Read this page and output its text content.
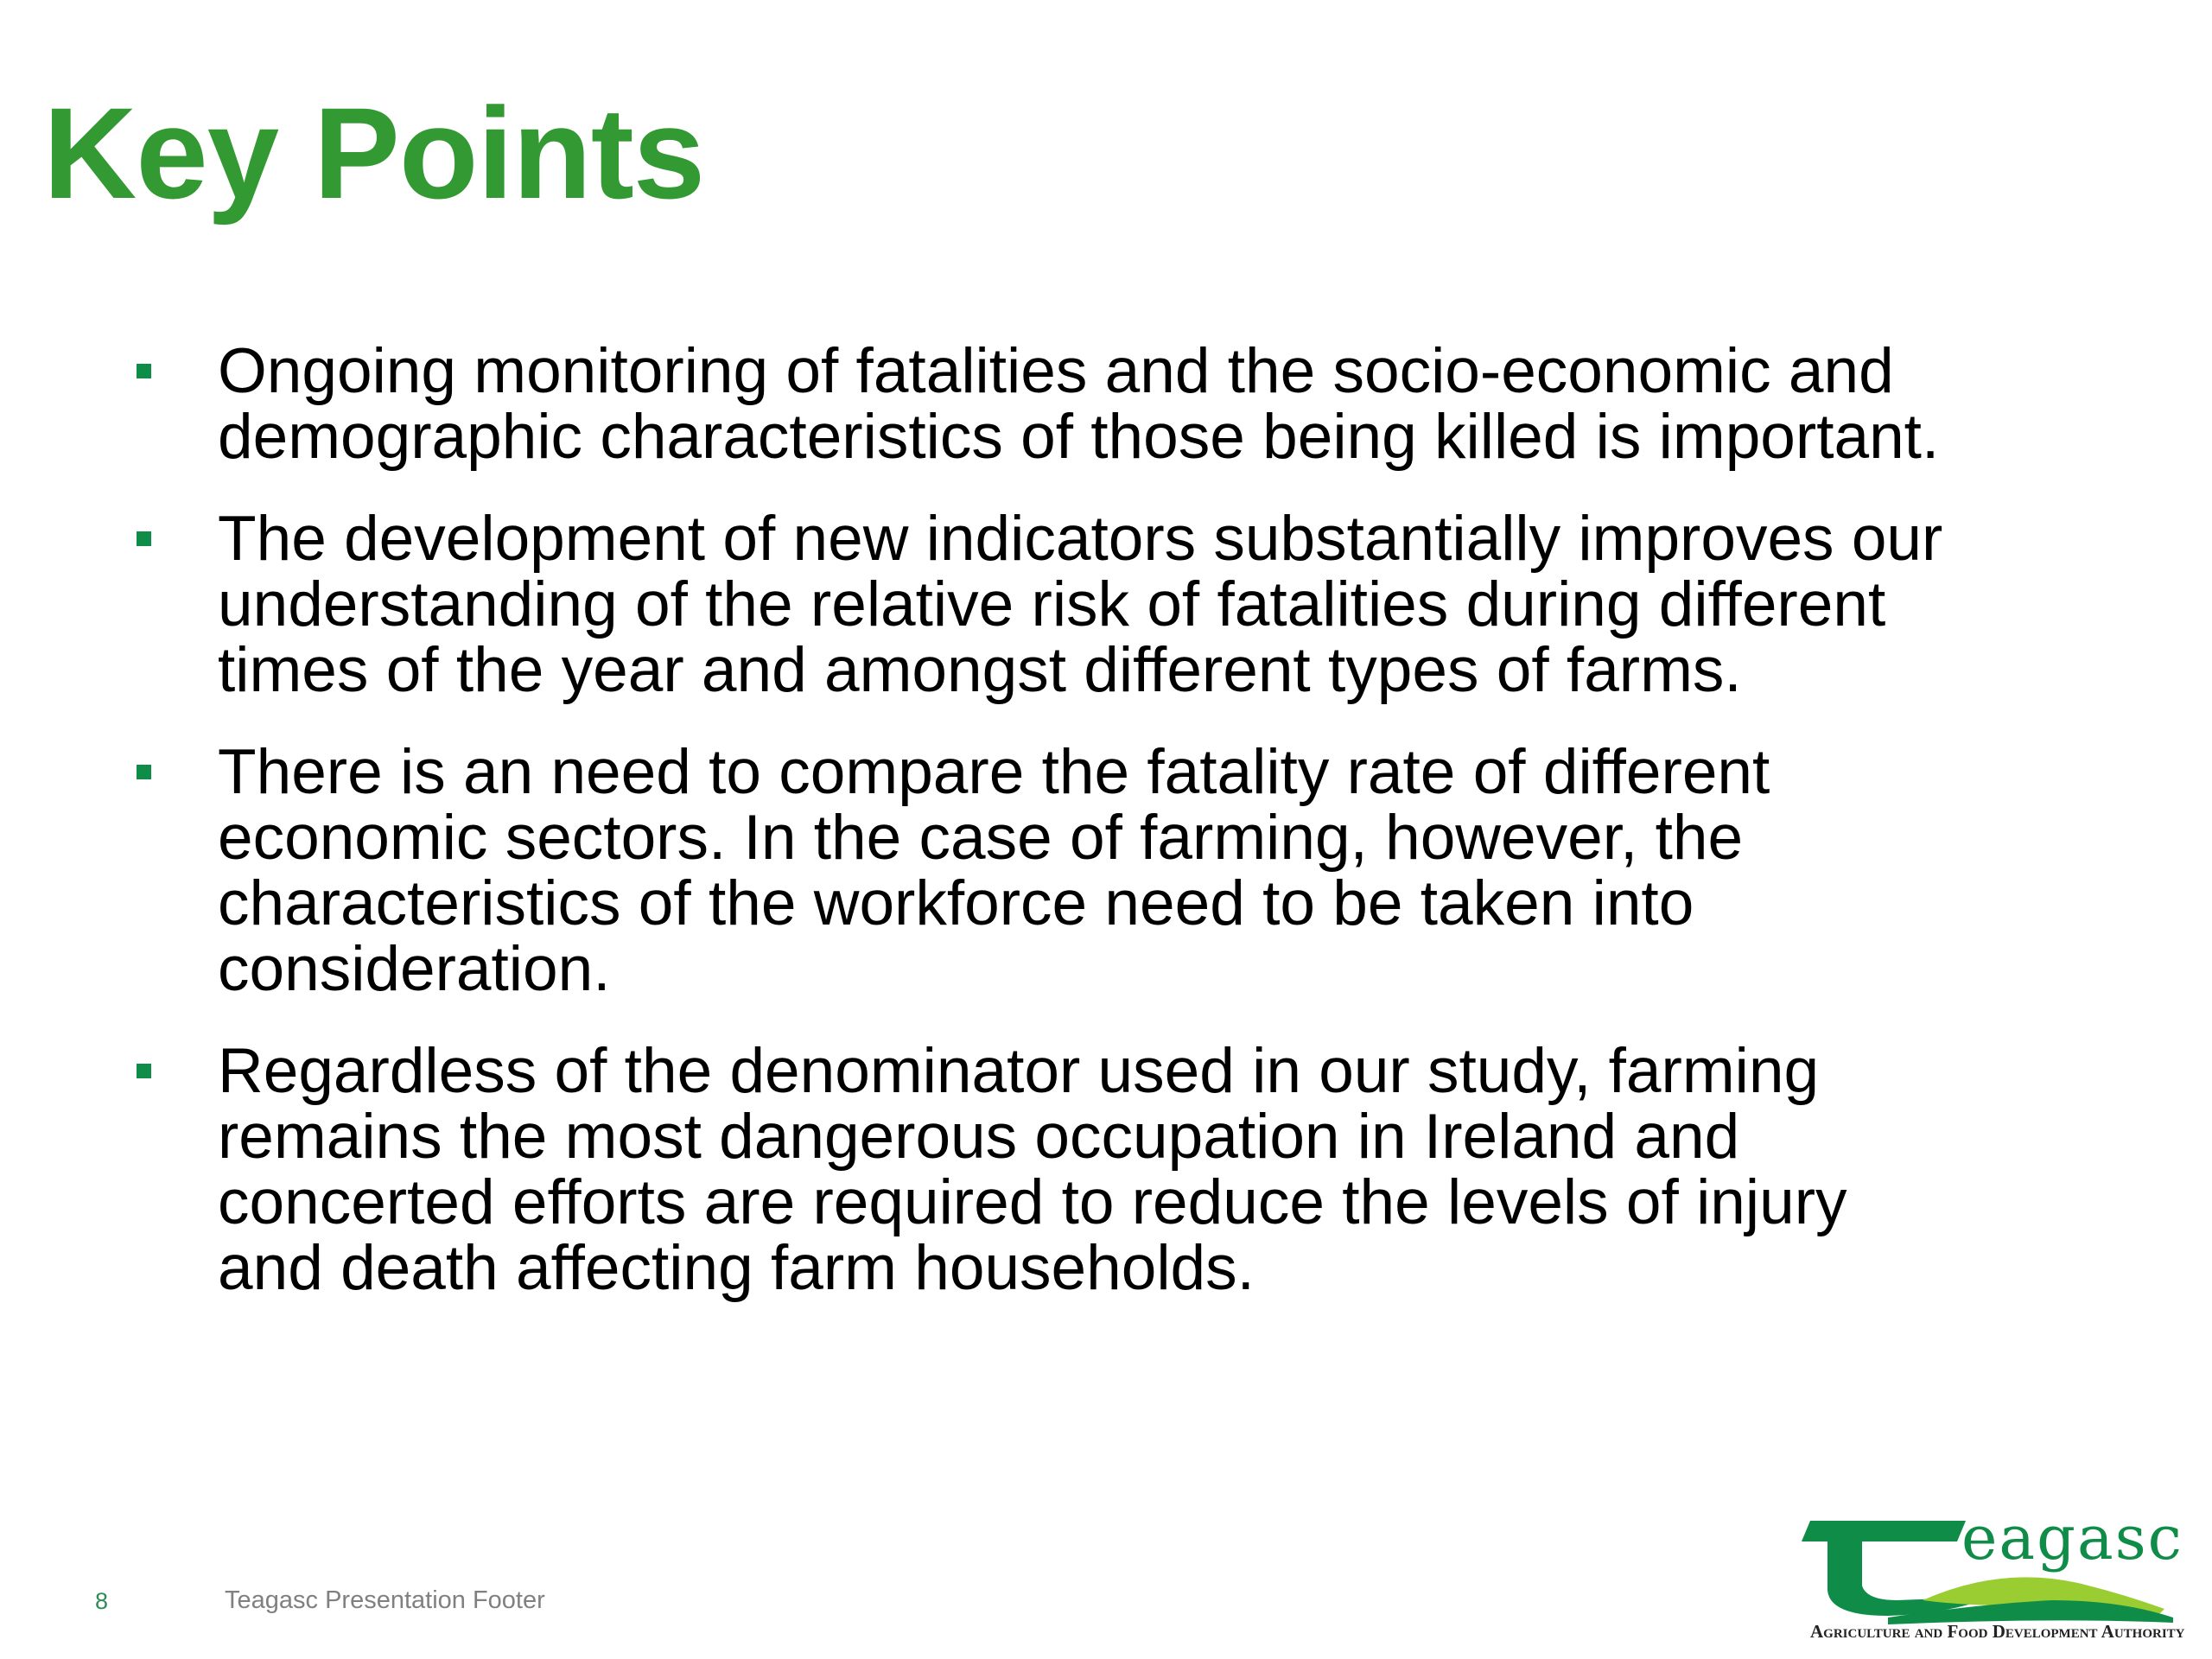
Key Points
Ongoing monitoring of fatalities and the socio-economic and
demographic characteristics of those being killed is important.
The development of new indicators substantially improves our
understanding of the relative risk of fatalities during different
times of the year and amongst different types of farms.
There is an need to compare the fatality rate of different
economic sectors. In the case of farming, however, the
characteristics of the workforce need to be taken into
consideration.
Regardless of the denominator used in our study, farming
remains the most dangerous occupation in Ireland and
concerted efforts are required to reduce the levels of injury
and death affecting farm households.
8	Teagasc Presentation Footer
eagasc
Agriculture and Food Development Authority
